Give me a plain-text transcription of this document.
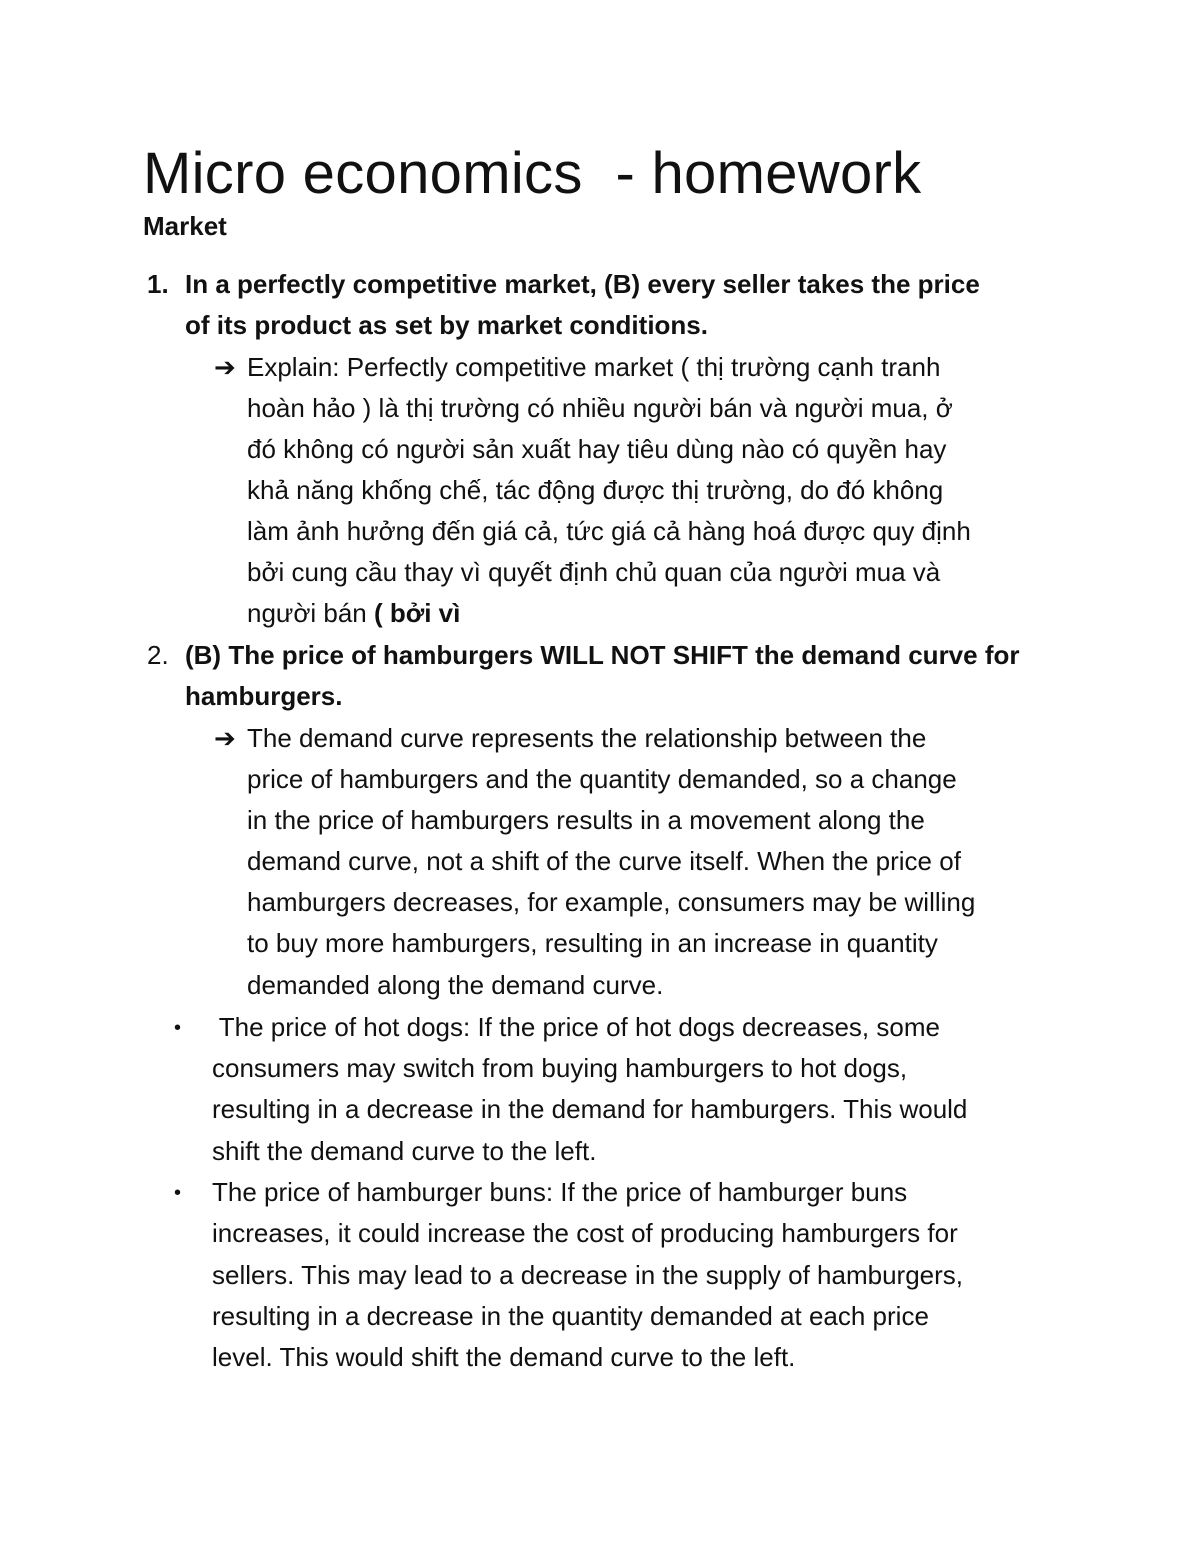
Micro economics  - homework
Market
1. In a perfectly competitive market, (B) every seller takes the price
of its product as set by market conditions.
➔ Explain: Perfectly competitive market ( thị trường cạnh tranh
hoàn hảo ) là thị trường có nhiều người bán và người mua, ở
đó không có người sản xuất hay tiêu dùng nào có quyền hay
khả năng khống chế, tác động được thị trường, do đó không
làm ảnh hưởng đến giá cả, tức giá cả hàng hoá được quy định
bởi cung cầu thay vì quyết định chủ quan của người mua và
người bán ( bởi vì
2. (B) The price of hamburgers WILL NOT SHIFT the demand curve for
hamburgers.
➔ The demand curve represents the relationship between the
price of hamburgers and the quantity demanded, so a change
in the price of hamburgers results in a movement along the
demand curve, not a shift of the curve itself. When the price of
hamburgers decreases, for example, consumers may be willing
to buy more hamburgers, resulting in an increase in quantity
demanded along the demand curve.
• The price of hot dogs: If the price of hot dogs decreases, some
consumers may switch from buying hamburgers to hot dogs,
resulting in a decrease in the demand for hamburgers. This would
shift the demand curve to the left.
• The price of hamburger buns: If the price of hamburger buns
increases, it could increase the cost of producing hamburgers for
sellers. This may lead to a decrease in the supply of hamburgers,
resulting in a decrease in the quantity demanded at each price
level. This would shift the demand curve to the left.
